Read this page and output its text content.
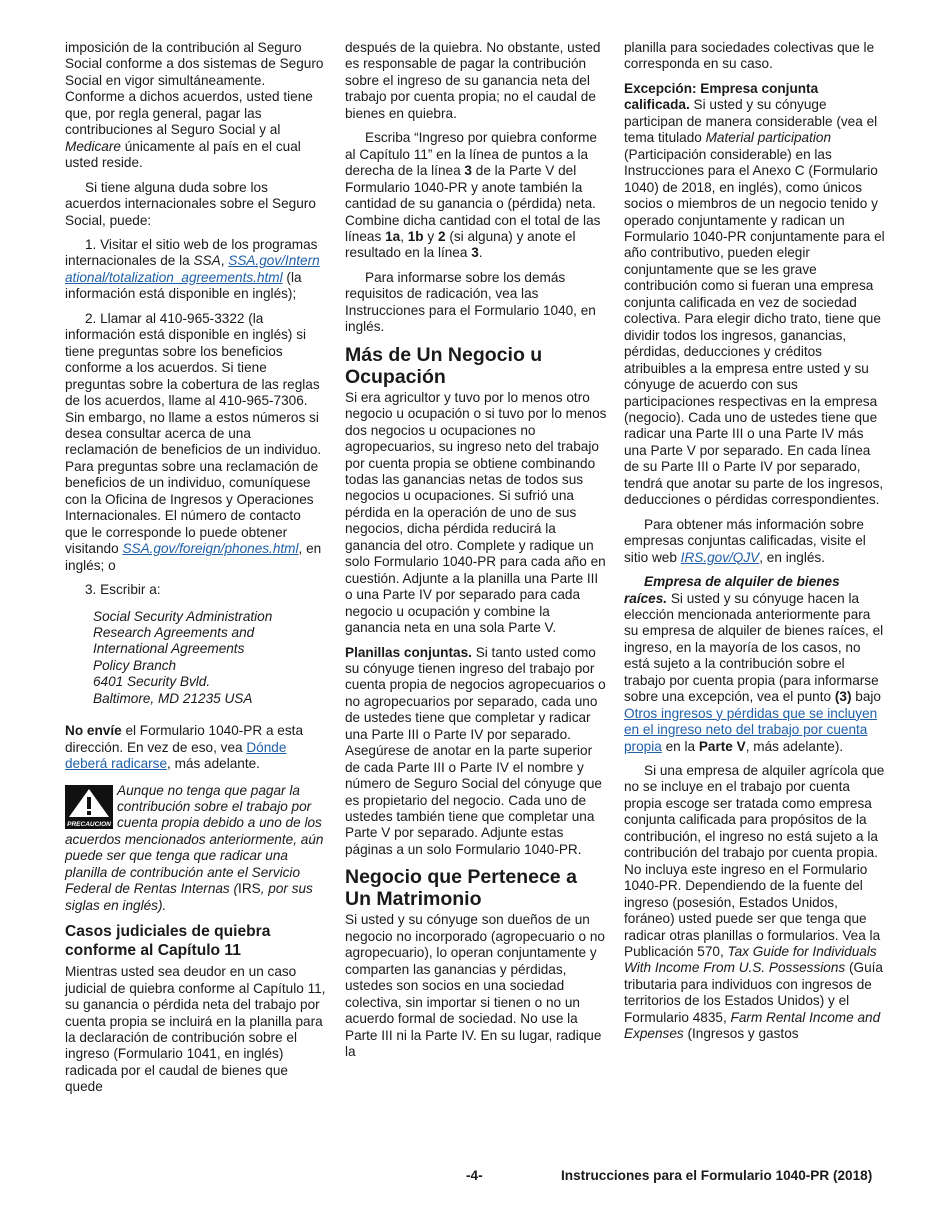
imposición de la contribución al Seguro Social conforme a dos sistemas de Seguro Social en vigor simultáneamente. Conforme a dichos acuerdos, usted tiene que, por regla general, pagar las contribuciones al Seguro Social y al Medicare únicamente al país en el cual usted reside.

Si tiene alguna duda sobre los acuerdos internacionales sobre el Seguro Social, puede:

1. Visitar el sitio web de los programas internacionales de la SSA, SSA.gov/International/totalization_agreements.html (la información está disponible en inglés);

2. Llamar al 410-965-3322 (la información está disponible en inglés) si tiene preguntas sobre los beneficios conforme a los acuerdos. Si tiene preguntas sobre la cobertura de las reglas de los acuerdos, llame al 410-965-7306. Sin embargo, no llame a estos números si desea consultar acerca de una reclamación de beneficios de un individuo. Para preguntas sobre una reclamación de beneficios de un individuo, comuníquese con la Oficina de Ingresos y Operaciones Internacionales. El número de contacto que le corresponde lo puede obtener visitando SSA.gov/foreign/phones.html, en inglés; o

3. Escribir a:

Social Security Administration
Research Agreements and
International Agreements
Policy Branch
6401 Security Bvld.
Baltimore, MD 21235 USA

No envíe el Formulario 1040-PR a esta dirección. En vez de eso, vea Dónde deberá radicarse, más adelante.

PRECAUCION
Aunque no tenga que pagar la contribución sobre el trabajo por cuenta propia debido a uno de los acuerdos mencionados anteriormente, aún puede ser que tenga que radicar una planilla de contribución ante el Servicio Federal de Rentas Internas (IRS, por sus siglas en inglés).
Casos judiciales de quiebra conforme al Capítulo 11

Mientras usted sea deudor en un caso judicial de quiebra conforme al Capítulo 11, su ganancia o pérdida neta del trabajo por cuenta propia se incluirá en la planilla para la declaración de contribución sobre el ingreso (Formulario 1041, en inglés) radicada por el caudal de bienes que quede

después de la quiebra. No obstante, usted es responsable de pagar la contribución sobre el ingreso de su ganancia neta del trabajo por cuenta propia; no el caudal de bienes en quiebra.

Escriba “Ingreso por quiebra conforme al Capítulo 11” en la línea de puntos a la derecha de la línea 3 de la Parte V del Formulario 1040-PR y anote también la cantidad de su ganancia o (pérdida) neta. Combine dicha cantidad con el total de las líneas 1a, 1b y 2 (si alguna) y anote el resultado en la línea 3.

Para informarse sobre los demás requisitos de radicación, vea las Instrucciones para el Formulario 1040, en inglés.

Más de Un Negocio u Ocupación

Si era agricultor y tuvo por lo menos otro negocio u ocupación o si tuvo por lo menos dos negocios u ocupaciones no agropecuarios, su ingreso neto del trabajo por cuenta propia se obtiene combinando todas las ganancias netas de todos sus negocios u ocupaciones. Si sufrió una pérdida en la operación de uno de sus negocios, dicha pérdida reducirá la ganancia del otro. Complete y radique un solo Formulario 1040-PR para cada año en cuestión. Adjunte a la planilla una Parte III o una Parte IV por separado para cada negocio u ocupación y combine la ganancia neta en una sola Parte V.

Planillas conjuntas. Si tanto usted como su cónyuge tienen ingreso del trabajo por cuenta propia de negocios agropecuarios o no agropecuarios por separado, cada uno de ustedes tiene que completar y radicar una Parte III o Parte IV por separado. Asegúrese de anotar en la parte superior de cada Parte III o Parte IV el nombre y número de Seguro Social del cónyuge que es propietario del negocio. Cada uno de ustedes también tiene que completar una Parte V por separado. Adjunte estas páginas a un solo Formulario 1040-PR.

Negocio que Pertenece a Un Matrimonio

Si usted y su cónyuge son dueños de un negocio no incorporado (agropecuario o no agropecuario), lo operan conjuntamente y comparten las ganancias y pérdidas, ustedes son socios en una sociedad colectiva, sin importar si tienen o no un acuerdo formal de sociedad. No use la Parte III ni la Parte IV. En su lugar, radique la

planilla para sociedades colectivas que le corresponda en su caso.

Excepción: Empresa conjunta calificada. Si usted y su cónyuge participan de manera considerable (vea el tema titulado Material participation (Participación considerable) en las Instrucciones para el Anexo C (Formulario 1040) de 2018, en inglés), como únicos socios o miembros de un negocio tenido y operado conjuntamente y radican un Formulario 1040-PR conjuntamente para el año contributivo, pueden elegir conjuntamente que se les grave contribución como si fueran una empresa conjunta calificada en vez de sociedad colectiva. Para elegir dicho trato, tiene que dividir todos los ingresos, ganancias, pérdidas, deducciones y créditos atribuibles a la empresa entre usted y su cónyuge de acuerdo con sus participaciones respectivas en la empresa (negocio). Cada uno de ustedes tiene que radicar una Parte III o una Parte IV más una Parte V por separado. En cada línea de su Parte III o Parte IV por separado, tendrá que anotar su parte de los ingresos, deducciones o pérdidas correspondientes.

Para obtener más información sobre empresas conjuntas calificadas, visite el sitio web IRS.gov/QJV, en inglés.

Empresa de alquiler de bienes raíces. Si usted y su cónyuge hacen la elección mencionada anteriormente para su empresa de alquiler de bienes raíces, el ingreso, en la mayoría de los casos, no está sujeto a la contribución sobre el trabajo por cuenta propia (para informarse sobre una excepción, vea el punto (3) bajo Otros ingresos y pérdidas que se incluyen en el ingreso neto del trabajo por cuenta propia en la Parte V, más adelante).

Si una empresa de alquiler agrícola que no se incluye en el trabajo por cuenta propia escoge ser tratada como empresa conjunta calificada para propósitos de la contribución, el ingreso no está sujeto a la contribución del trabajo por cuenta propia. No incluya este ingreso en el Formulario 1040-PR. Dependiendo de la fuente del ingreso (posesión, Estados Unidos, foráneo) usted puede ser que tenga que radicar otras planillas o formularios. Vea la Publicación 570, Tax Guide for Individuals With Income From U.S. Possessions (Guía tributaria para individuos con ingresos de territorios de los Estados Unidos) y el Formulario 4835, Farm Rental Income and Expenses (Ingresos y gastos

-4-	Instrucciones para el Formulario 1040-PR (2018)
